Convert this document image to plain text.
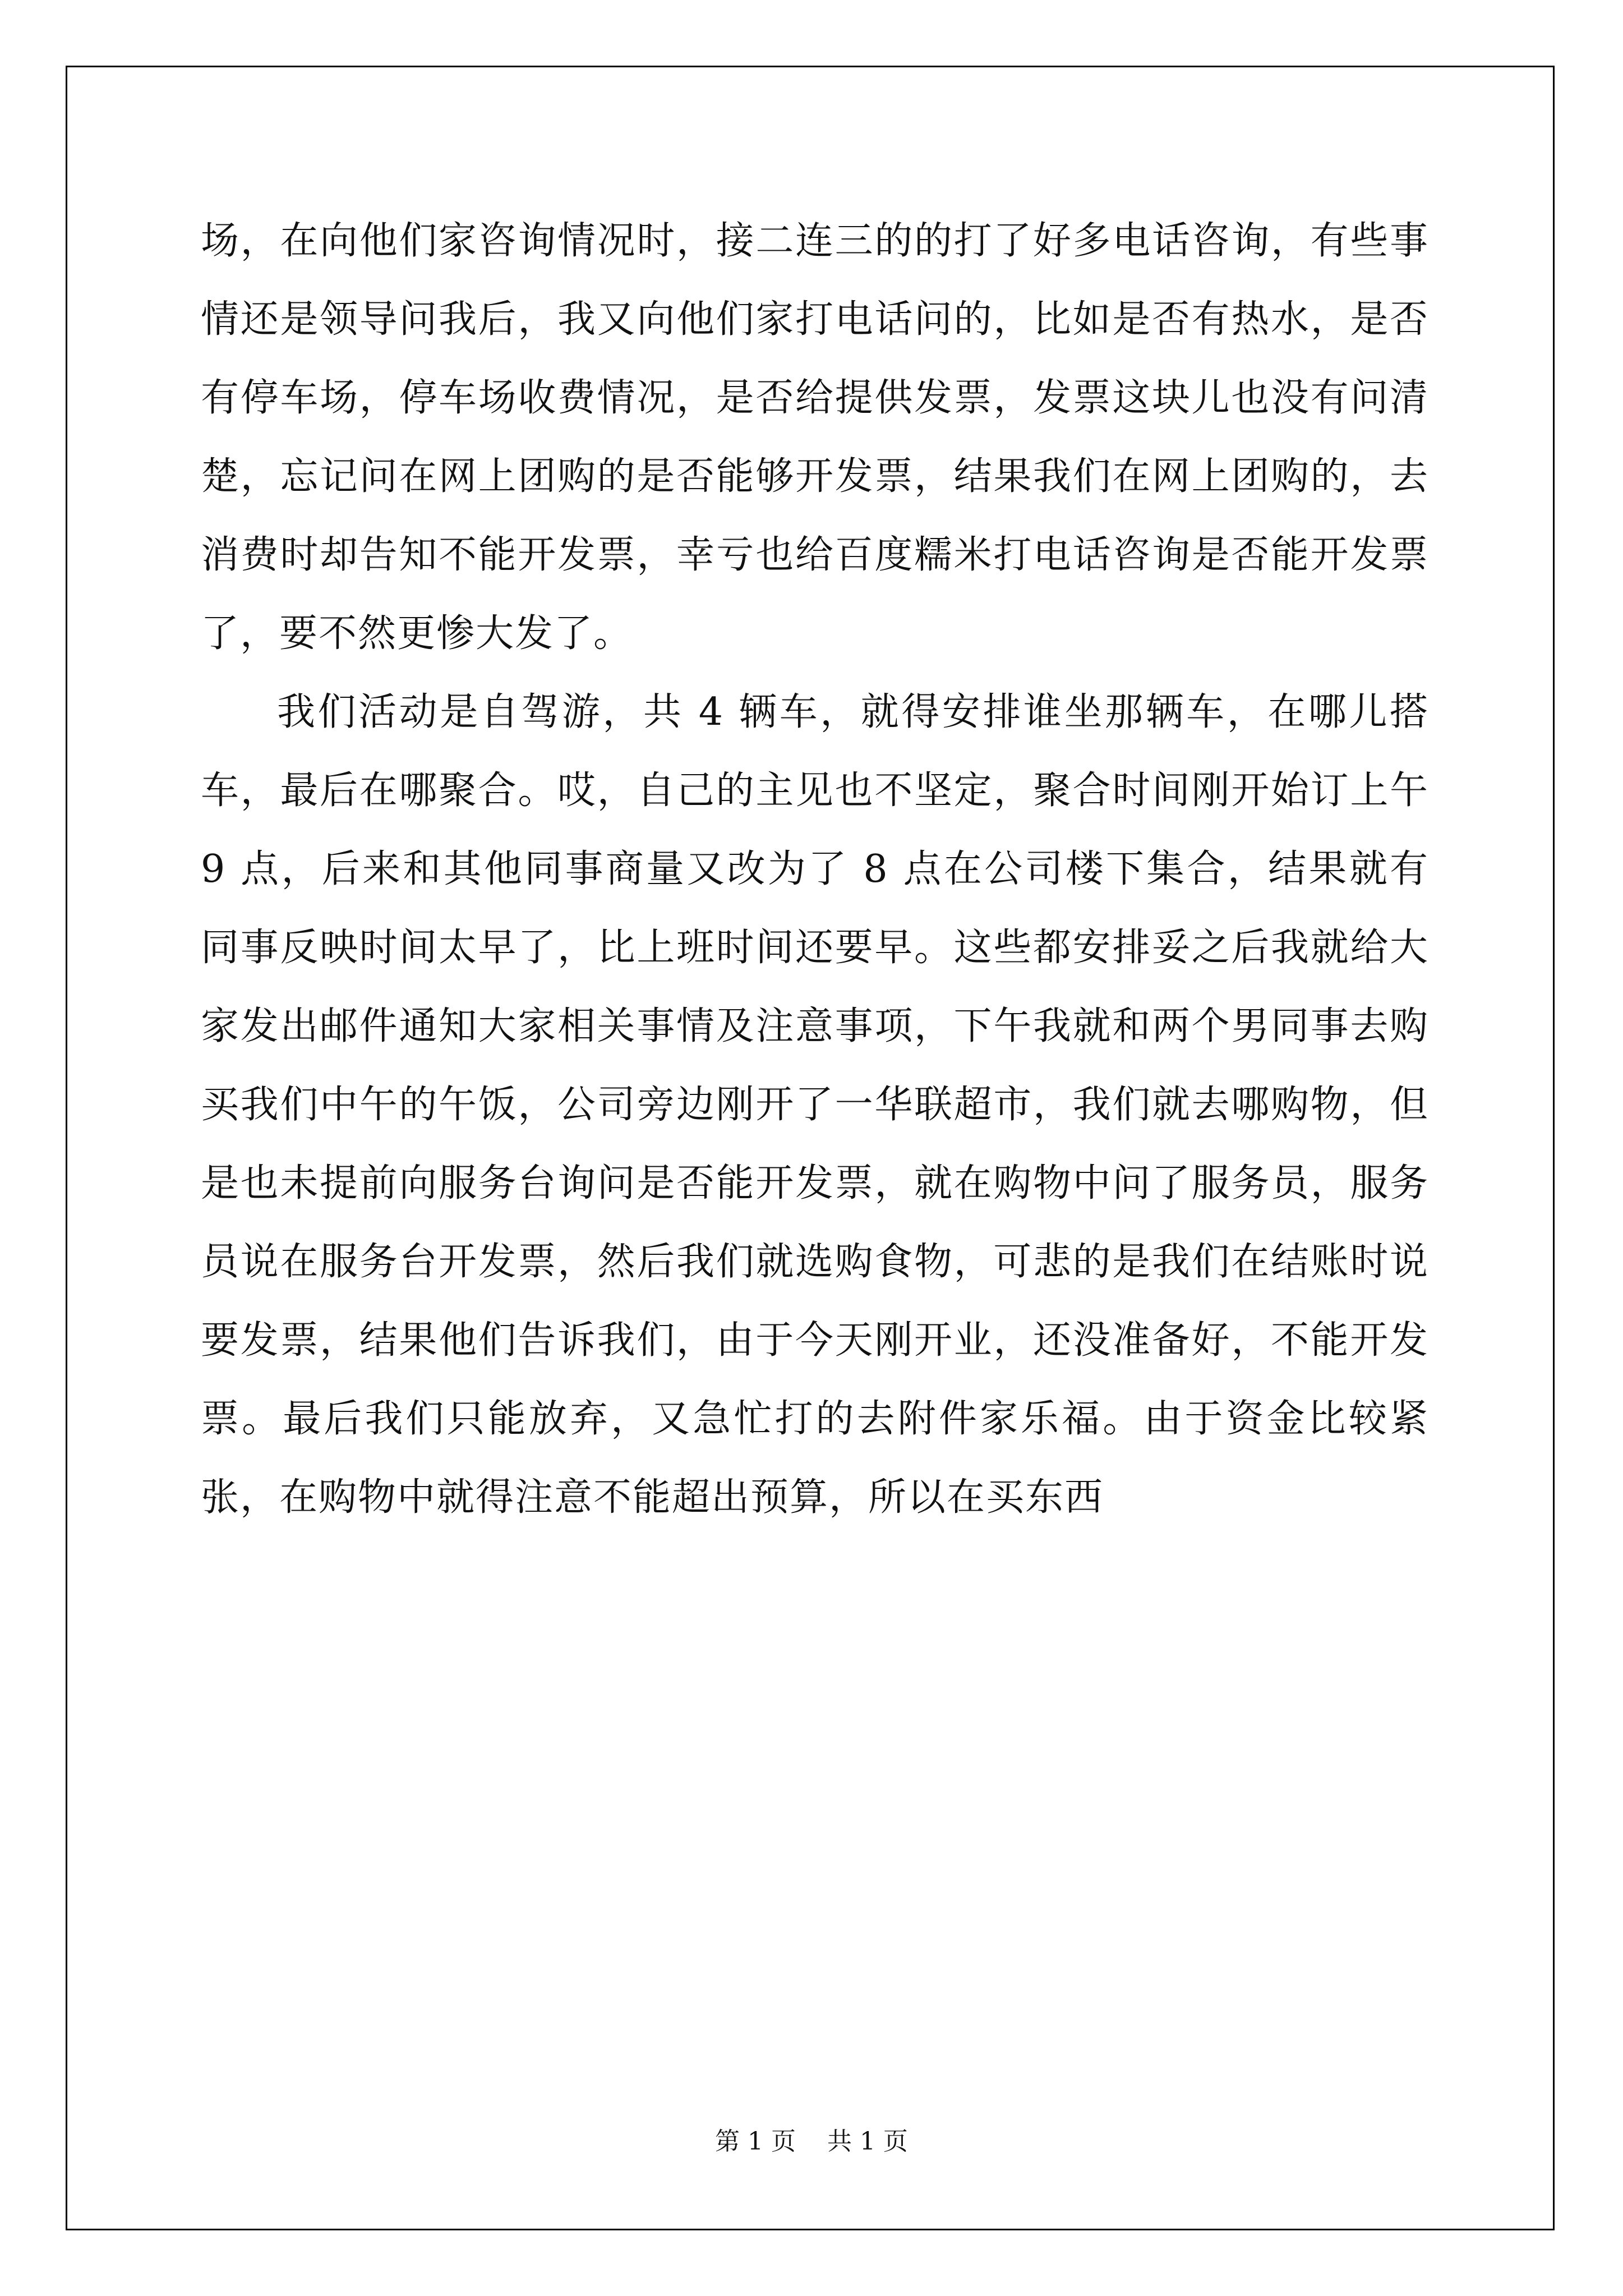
场，在向他们家咨询情况时，接二连三的的打了好多电话咨询，有些事情还是领导问我后，我又向他们家打电话问的，比如是否有热水，是否有停车场，停车场收费情况，是否给提供发票，发票这块儿也没有问清楚，忘记问在网上团购的是否能够开发票，结果我们在网上团购的，去消费时却告知不能开发票，幸亏也给百度糯米打电话咨询是否能开发票了，要不然更惨大发了。

我们活动是自驾游，共 4 辆车，就得安排谁坐那辆车，在哪儿搭车，最后在哪聚合。哎，自己的主见也不坚定，聚合时间刚开始订上午 9 点，后来和其他同事商量又改为了 8 点在公司楼下集合，结果就有同事反映时间太早了，比上班时间还要早。这些都安排妥之后我就给大家发出邮件通知大家相关事情及注意事项，下午我就和两个男同事去购买我们中午的午饭，公司旁边刚开了一华联超市，我们就去哪购物，但是也未提前向服务台询问是否能开发票，就在购物中问了服务员，服务员说在服务台开发票，然后我们就选购食物，可悲的是我们在结账时说要发票，结果他们告诉我们，由于今天刚开业，还没准备好，不能开发票。最后我们只能放弃，又急忙打的去附件家乐福。由于资金比较紧张，在购物中就得注意不能超出预算，所以在买东西

第 1 页    共 1 页
